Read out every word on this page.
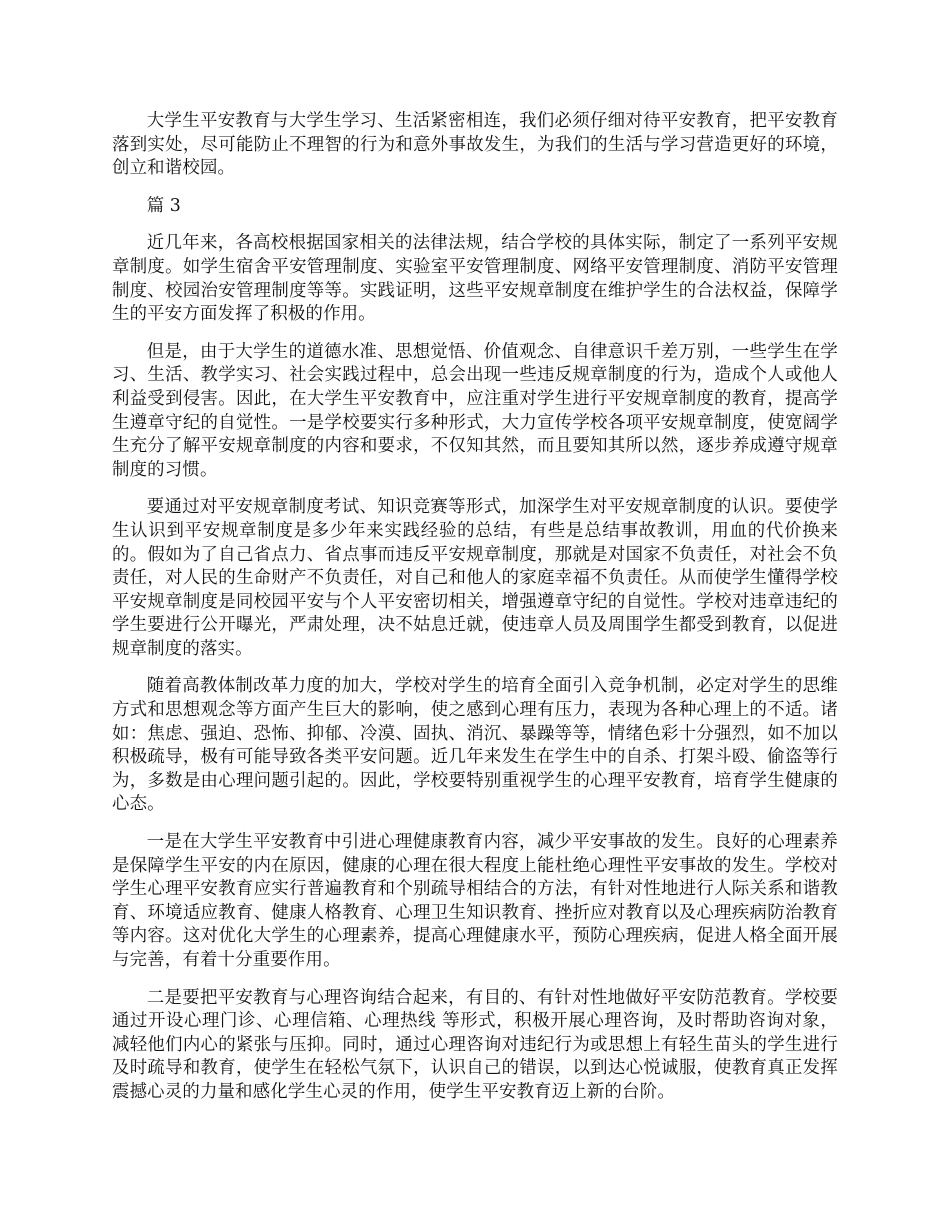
大学生平安教育与大学生学习、生活紧密相连，我们必须仔细对待平安教育，把平安教育落到实处，尽可能防止不理智的行为和意外事故发生，为我们的生活与学习营造更好的环境，创立和谐校园。

篇 3

近几年来，各高校根据国家相关的法律法规，结合学校的具体实际，制定了一系列平安规章制度。如学生宿舍平安管理制度、实验室平安管理制度、网络平安管理制度、消防平安管理制度、校园治安管理制度等等。实践证明，这些平安规章制度在维护学生的合法权益，保障学生的平安方面发挥了积极的作用。

但是，由于大学生的道德水准、思想觉悟、价值观念、自律意识千差万别，一些学生在学习、生活、教学实习、社会实践过程中，总会出现一些违反规章制度的行为，造成个人或他人利益受到侵害。因此，在大学生平安教育中，应注重对学生进行平安规章制度的教育，提高学生遵章守纪的自觉性。一是学校要实行多种形式，大力宣传学校各项平安规章制度，使宽阔学生充分了解平安规章制度的内容和要求，不仅知其然，而且要知其所以然，逐步养成遵守规章制度的习惯。

要通过对平安规章制度考试、知识竞赛等形式，加深学生对平安规章制度的认识。要使学生认识到平安规章制度是多少年来实践经验的总结，有些是总结事故教训，用血的代价换来的。假如为了自己省点力、省点事而违反平安规章制度，那就是对国家不负责任，对社会不负责任，对人民的生命财产不负责任，对自己和他人的家庭幸福不负责任。从而使学生懂得学校平安规章制度是同校园平安与个人平安密切相关，增强遵章守纪的自觉性。学校对违章违纪的学生要进行公开曝光，严肃处理，决不姑息迁就，使违章人员及周围学生都受到教育，以促进规章制度的落实。

随着高教体制改革力度的加大，学校对学生的培育全面引入竞争机制，必定对学生的思维方式和思想观念等方面产生巨大的影响，使之感到心理有压力，表现为各种心理上的不适。诸如：焦虑、强迫、恐怖、抑郁、冷漠、固执、消沉、暴躁等等，情绪色彩十分强烈，如不加以积极疏导，极有可能导致各类平安问题。近几年来发生在学生中的自杀、打架斗殴、偷盗等行为，多数是由心理问题引起的。因此，学校要特别重视学生的心理平安教育，培育学生健康的心态。

一是在大学生平安教育中引进心理健康教育内容，减少平安事故的发生。良好的心理素养是保障学生平安的内在原因，健康的心理在很大程度上能杜绝心理性平安事故的发生。学校对学生心理平安教育应实行普遍教育和个别疏导相结合的方法，有针对性地进行人际关系和谐教育、环境适应教育、健康人格教育、心理卫生知识教育、挫折应对教育以及心理疾病防治教育等内容。这对优化大学生的心理素养，提高心理健康水平，预防心理疾病，促进人格全面开展与完善，有着十分重要作用。

二是要把平安教育与心理咨询结合起来，有目的、有针对性地做好平安防范教育。学校要通过开设心理门诊、心理信箱、心理热线 等形式，积极开展心理咨询，及时帮助咨询对象，减轻他们内心的紧张与压抑。同时，通过心理咨询对违纪行为或思想上有轻生苗头的学生进行及时疏导和教育，使学生在轻松气氛下，认识自己的错误，以到达心悦诚服，使教育真正发挥震撼心灵的力量和感化学生心灵的作用，使学生平安教育迈上新的台阶。
